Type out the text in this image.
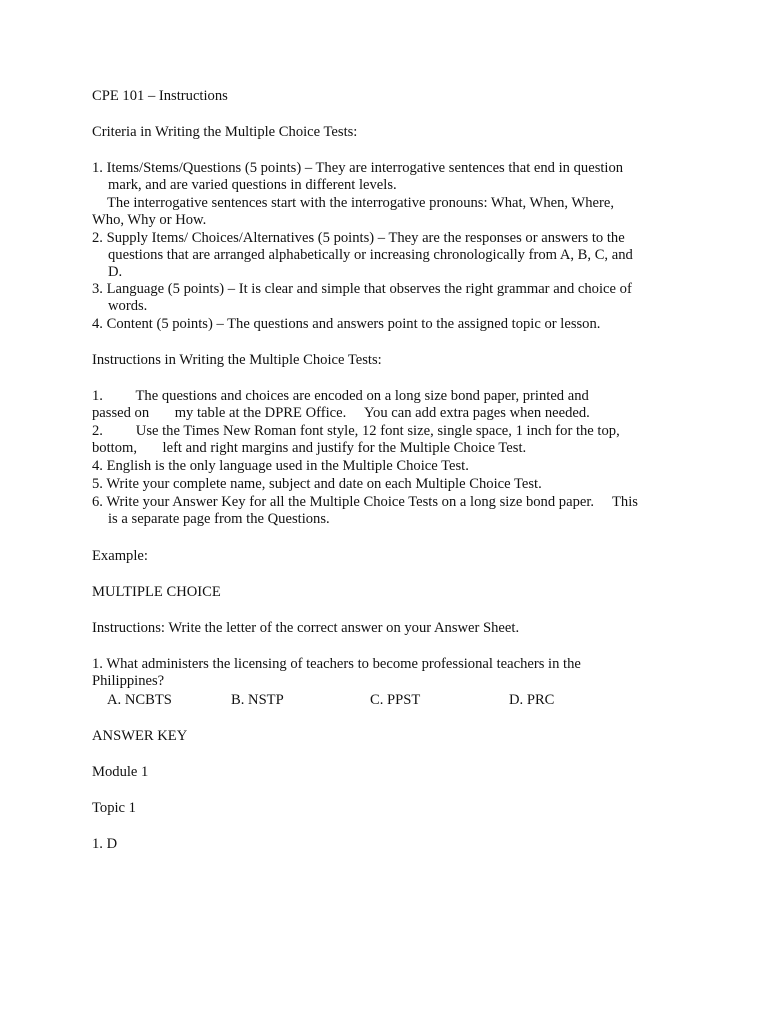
CPE 101 – Instructions

Criteria in Writing the Multiple Choice Tests:

1. Items/Stems/Questions (5 points) – They are interrogative sentences that end in question

mark, and are varied questions in different levels.

The interrogative sentences start with the interrogative pronouns: What, When, Where,

Who, Why or How.

2. Supply Items/ Choices/Alternatives (5 points) – They are the responses or answers to the

questions that are arranged alphabetically or increasing chronologically from A, B, C, and

D.

3. Language (5 points) – It is clear and simple that observes the right grammar and choice of

words.

4. Content (5 points) – The questions and answers point to the assigned topic or lesson.

Instructions in Writing the Multiple Choice Tests:

1.         The questions and choices are encoded on a long size bond paper, printed and

passed on       my table at the DPRE Office.     You can add extra pages when needed.

2.         Use the Times New Roman font style, 12 font size, single space, 1 inch for the top,

bottom,       left and right margins and justify for the Multiple Choice Test.

4. English is the only language used in the Multiple Choice Test.

5. Write your complete name, subject and date on each Multiple Choice Test.

6. Write your Answer Key for all the Multiple Choice Tests on a long size bond paper.     This

is a separate page from the Questions.

Example:

MULTIPLE CHOICE

Instructions: Write the letter of the correct answer on your Answer Sheet.

1. What administers the licensing of teachers to become professional teachers in the

Philippines?

A. NCBTS	B. NSTP	C. PPST	D. PRC

ANSWER KEY

Module 1

Topic 1

1. D
